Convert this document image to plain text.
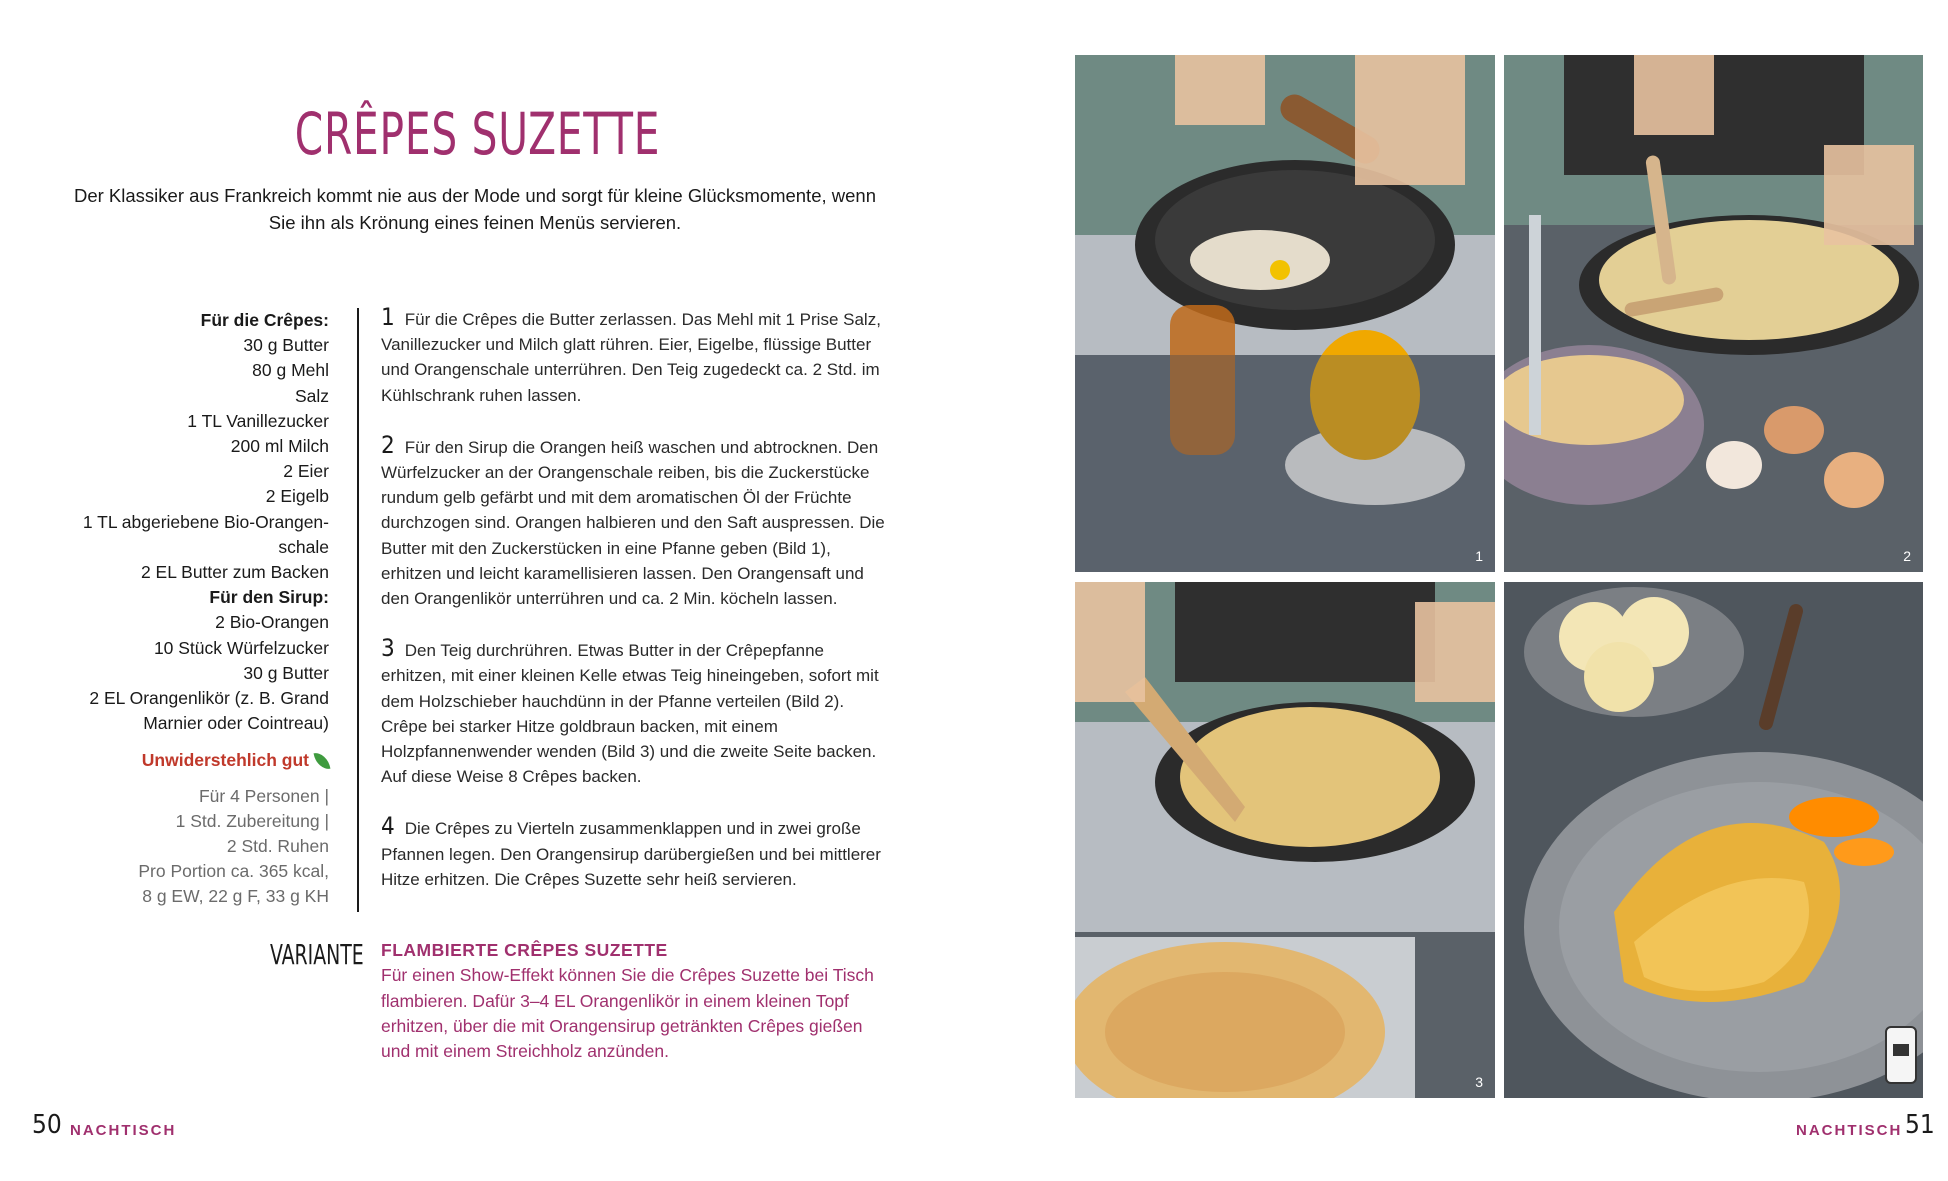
CRÊPES SUZETTE
Der Klassiker aus Frankreich kommt nie aus der Mode und sorgt für kleine Glücksmomente, wenn Sie ihn als Krönung eines feinen Menüs servieren.
Für die Crêpes:
30 g Butter
80 g Mehl
Salz
1 TL Vanillezucker
200 ml Milch
2 Eier
2 Eigelb
1 TL abgeriebene Bio-Orangen-
schale
2 EL Butter zum Backen
Für den Sirup:
2 Bio-Orangen
10 Stück Würfelzucker
30 g Butter
2 EL Orangenlikör (z. B. Grand
Marnier oder Cointreau)
Unwiderstehlich gut
Für 4 Personen |
1 Std. Zubereitung |
2 Std. Ruhen
Pro Portion ca. 365 kcal,
8 g EW, 22 g F, 33 g KH

1 Für die Crêpes die Butter zerlassen. Das Mehl mit 1 Prise Salz, Vanillezucker und Milch glatt rühren. Eier, Eigelbe, flüssige Butter und Orangenschale unterrühren. Den Teig zugedeckt ca. 2 Std. im Kühlschrank ruhen lassen.

2 Für den Sirup die Orangen heiß waschen und abtrocknen. Den Würfelzucker an der Orangenschale reiben, bis die Zuckerstücke rundum gelb gefärbt und mit dem aromatischen Öl der Früchte durchzogen sind. Orangen halbieren und den Saft auspressen. Die Butter mit den Zuckerstücken in eine Pfanne geben (Bild 1), erhitzen und leicht karamellisieren lassen. Den Orangensaft und den Orangenlikör unterrühren und ca. 2 Min. köcheln lassen.

3 Den Teig durchrühren. Etwas Butter in der Crêpepfanne erhitzen, mit einer kleinen Kelle etwas Teig hineingeben, sofort mit dem Holzschieber hauchdünn in der Pfanne verteilen (Bild 2). Crêpe bei starker Hitze goldbraun backen, mit einem Holzpfannenwender wenden (Bild 3) und die zweite Seite backen. Auf diese Weise 8 Crêpes backen.

4 Die Crêpes zu Vierteln zusammenklappen und in zwei große Pfannen legen. Den Orangensirup darübergießen und bei mittlerer Hitze erhitzen. Die Crêpes Suzette sehr heiß servieren.

VARIANTE FLAMBIERTE CRÊPES SUZETTE
Für einen Show-Effekt können Sie die Crêpes Suzette bei Tisch flambieren. Dafür 3–4 EL Orangenlikör in einem kleinen Topf erhitzen, über die mit Orangensirup getränkten Crêpes gießen und mit einem Streichholz anzünden.
50 NACHTISCH	NACHTISCH 51
1	2
3
